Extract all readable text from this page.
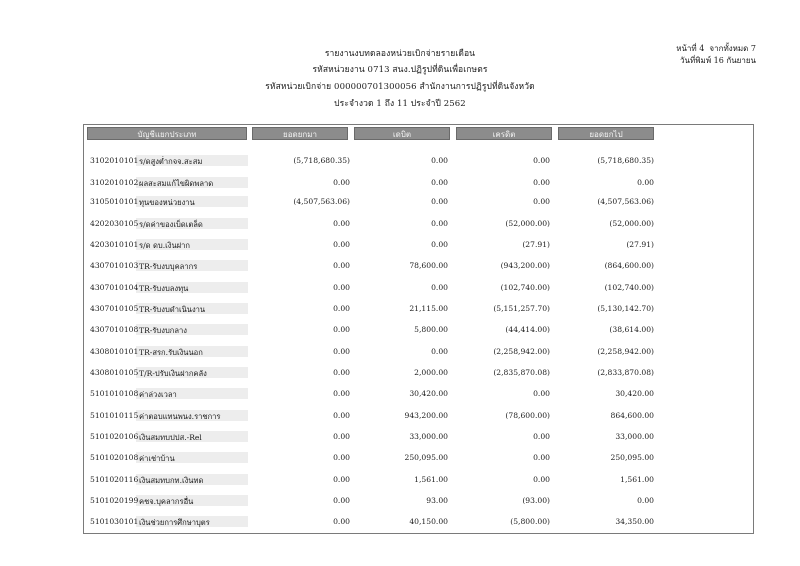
รายงานงบทดลองหน่วยเบิกจ่ายรายเดือน
รหัสหน่วยงาน 0713 สนง.ปฏิรูปที่ดินเพื่อเกษตร
รหัสหน่วยเบิกจ่าย 000000701300056 สำนักงานการปฏิรูปที่ดินจังหวัด
ประจำงวด 1 ถึง 11 ประจำปี 2562
หน้าที่ 4 จากทั้งหมด 7
วันที่พิมพ์ 16 กันยายน
บัญชีแยกประเภท	ยอดยกมา	เดบิต	เครดิต	ยอดยกไป
3102010101 ร/ดสูงต่ำกจจ.สะสม	(5,718,680.35)	0.00	0.00	(5,718,680.35)
3102010102 ผลสะสมแก้ไขผิดพลาด	0.00	0.00	0.00	0.00
3105010101 ทุนของหน่วยงาน	(4,507,563.06)	0.00	0.00	(4,507,563.06)
4202030105 ร/ดค่าของเบ็ดเตล็ด	0.00	0.00	(52,000.00)	(52,000.00)
4203010101 ร/ด ดบ.เงินฝาก	0.00	0.00	(27.91)	(27.91)
4307010103 TR-รับงบบุคลากร	0.00	78,600.00	(943,200.00)	(864,600.00)
4307010104 TR-รับงบลงทุน	0.00	0.00	(102,740.00)	(102,740.00)
4307010105 TR-รับงบดำเนินงาน	0.00	21,115.00	(5,151,257.70)	(5,130,142.70)
4307010108 TR-รับงบกลาง	0.00	5,800.00	(44,414.00)	(38,614.00)
4308010101 TR-สรก.รับเงินนอก	0.00	0.00	(2,258,942.00)	(2,258,942.00)
4308010105 T/R-ปรับเงินฝากคลัง	0.00	2,000.00	(2,835,870.08)	(2,833,870.08)
5101010108 ค่าล่วงเวลา	0.00	30,420.00	0.00	30,420.00
5101010115 ค่าตอบแทนพนง.ราชการ	0.00	943,200.00	(78,600.00)	864,600.00
5101020106 เงินสมทบปปส.-Rel	0.00	33,000.00	0.00	33,000.00
5101020108 ค่าเช่าบ้าน	0.00	250,095.00	0.00	250,095.00
5101020116 เงินสมทบกท.เงินทด	0.00	1,561.00	0.00	1,561.00
5101020199 คชจ.บุคลากรอื่น	0.00	93.00	(93.00)	0.00
5101030101 เงินช่วยการศึกษาบุตร	0.00	40,150.00	(5,800.00)	34,350.00
